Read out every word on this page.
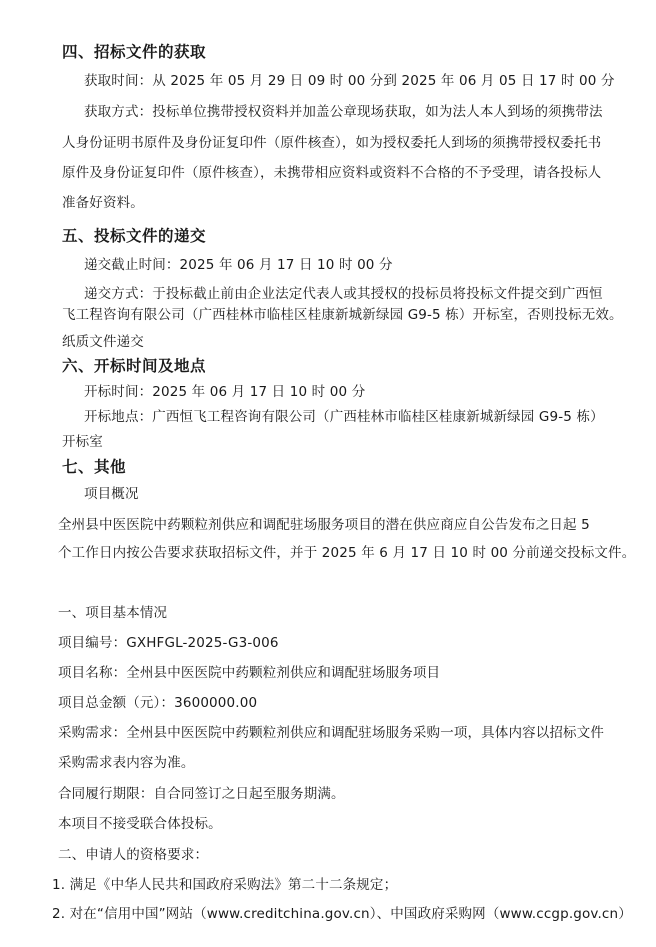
四、招标文件的获取
获取时间：从 2025 年 05 月 29 日 09 时 00 分到 2025 年 06 月 05 日 17 时 00 分
获取方式：投标单位携带授权资料并加盖公章现场获取，如为法人本人到场的须携带法
人身份证明书原件及身份证复印件（原件核查），如为授权委托人到场的须携带授权委托书
原件及身份证复印件（原件核查），未携带相应资料或资料不合格的不予受理，请各投标人
准备好资料。
五、投标文件的递交
递交截止时间：2025 年 06 月 17 日 10 时 00 分
递交方式：于投标截止前由企业法定代表人或其授权的投标员将投标文件提交到广西恒
飞工程咨询有限公司（广西桂林市临桂区桂康新城新绿园 G9-5 栋）开标室，否则投标无效。
纸质文件递交
六、开标时间及地点
开标时间：2025 年 06 月 17 日 10 时 00 分
开标地点：广西恒飞工程咨询有限公司（广西桂林市临桂区桂康新城新绿园 G9-5 栋）
开标室
七、其他
项目概况
全州县中医医院中药颗粒剂供应和调配驻场服务项目的潜在供应商应自公告发布之日起 5
个工作日内按公告要求获取招标文件，并于 2025 年 6 月 17 日 10 时 00 分前递交投标文件。
一、项目基本情况
项目编号：GXHFGL-2025-G3-006
项目名称：全州县中医医院中药颗粒剂供应和调配驻场服务项目
项目总金额（元）：3600000.00
采购需求：全州县中医医院中药颗粒剂供应和调配驻场服务采购一项，具体内容以招标文件
采购需求表内容为准。
合同履行期限：自合同签订之日起至服务期满。
本项目不接受联合体投标。
二、申请人的资格要求：
1. 满足《中华人民共和国政府采购法》第二十二条规定；
2. 对在“信用中国”网站（www.creditchina.gov.cn）、中国政府采购网（www.ccgp.gov.cn）
